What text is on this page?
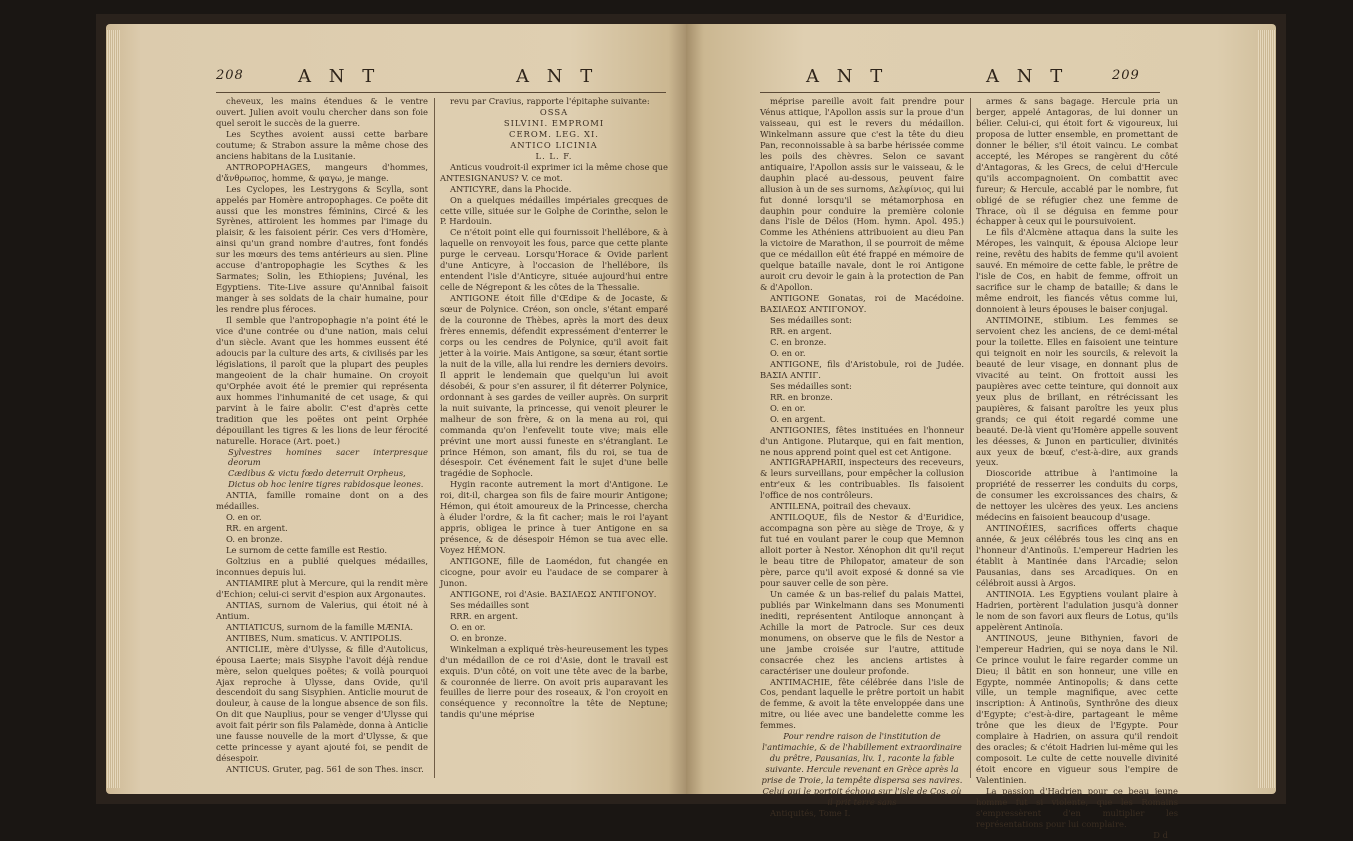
208	A N T	A N T

cheveux, les mains étendues & le ventre ouvert. Julien avoit voulu chercher dans son foie quel seroit le succès de la guerre.

Les Scythes avoient aussi cette barbare coutume; & Strabon assure la même chose des anciens habitans de la Lusitanie.

ANTROPOPHAGES, mangeurs d'hommes, d'ἄνθρωπος, homme, & φαγω, je mange.

Les Cyclopes, les Lestrygons & Scylla, sont appelés par Homère antropophages. Ce poëte dit aussi que les monstres féminins, Circé & les Syrènes, attiroient les hommes par l'image du plaisir, & les faisoient périr. Ces vers d'Homère, ainsi qu'un grand nombre d'autres, font fondés sur les mœurs des tems antérieurs au sien. Pline accuse d'antropophagie les Scythes & les Sarmates; Solin, les Ethiopiens; Juvénal, les Egyptiens. Tite-Live assure qu'Annibal faisoit manger à ses soldats de la chair humaine, pour les rendre plus féroces.

Il semble que l'antropophagie n'a point été le vice d'une contrée ou d'une nation, mais celui d'un siècle. Avant que les hommes eussent été adoucis par la culture des arts, & civilisés par les législations, il paroît que la plupart des peuples mangeoient de la chair humaine. On croyoit qu'Orphée avoit été le premier qui représenta aux hommes l'inhumanité de cet usage, & qui parvint à le faire abolir. C'est d'après cette tradition que les poëtes ont peint Orphée dépouillant les tigres & les lions de leur férocité naturelle. Horace (Art. poet.)

Sylvestres homines sacer interpresque deorum

Cædibus & victu fœdo deterruit Orpheus,

Dictus ob hoc lenire tigres rabidosque leones.

ANTIA, famille romaine dont on a des médailles.

O. en or.

RR. en argent.

O. en bronze.

Le surnom de cette famille est Restio.

Goltzius en a publié quelques médailles, inconnues depuis lui.

ANTIAMIRE plut à Mercure, qui la rendit mère d'Echion; celui-ci servit d'espion aux Argonautes.

ANTIAS, surnom de Valerius, qui étoit né à Antium.

ANTIATICUS, surnom de la famille MÆNIA.

ANTIBES, Num. smaticus. V. ANTIPOLIS.

ANTICLIE, mère d'Ulysse, & fille d'Autolicus, épousa Laerte; mais Sisyphe l'avoit déjà rendue mère, selon quelques poëtes; & voilà pourquoi Ajax reproche à Ulysse, dans Ovide, qu'il descendoit du sang Sisyphien. Anticlie mourut de douleur, à cause de la longue absence de son fils. On dit que Nauplius, pour se venger d'Ulysse qui avoit fait périr son fils Palamède, donna à Anticlie une fausse nouvelle de la mort d'Ulysse, & que cette princesse y ayant ajouté foi, se pendit de désespoir.

ANTICUS. Gruter, pag. 561 de son Thes. inscr.

revu par Cravius, rapporte l'épitaphe suivante:

OSSA

SILVINI. EMPROMI

CEROM. LEG. XI.

ANTICO LICINIA

L. L. F.

Anticus voudroit-il exprimer ici la même chose que ANTESIGNANUS? V. ce mot.

ANTICYRE, dans la Phocide.

On a quelques médailles impériales grecques de cette ville, située sur le Golphe de Corinthe, selon le P. Hardouin.

Ce n'étoit point elle qui fournissoit l'hellébore, & à laquelle on renvoyoit les fous, parce que cette plante purge le cerveau. Lorsqu'Horace & Ovide parlent d'une Anticyre, à l'occasion de l'hellébore, ils entendent l'isle d'Anticyre, située aujourd'hui entre celle de Négrepont & les côtes de la Thessalie.

ANTIGONE étoit fille d'Œdipe & de Jocaste, & sœur de Polynice. Créon, son oncle, s'étant emparé de la couronne de Thèbes, après la mort des deux frères ennemis, défendit expressément d'enterrer le corps ou les cendres de Polynice, qu'il avoit fait jetter à la voirie. Mais Antigone, sa sœur, étant sortie la nuit de la ville, alla lui rendre les derniers devoirs. Il apprit le lendemain que quelqu'un lui avoit désobéi, & pour s'en assurer, il fit déterrer Polynice, ordonnant à ses gardes de veiller auprès. On surprit la nuit suivante, la princesse, qui venoit pleurer le malheur de son frère, & on la mena au roi, qui commanda qu'on l'enfevelit toute vive; mais elle prévint une mort aussi funeste en s'étranglant. Le prince Hémon, son amant, fils du roi, se tua de désespoir. Cet événement fait le sujet d'une belle tragédie de Sophocle.

Hygin raconte autrement la mort d'Antigone. Le roi, dit-il, chargea son fils de faire mourir Antigone; Hémon, qui étoit amoureux de la Princesse, chercha à éluder l'ordre, & la fit cacher; mais le roi l'ayant appris, obligea le prince à tuer Antigone en sa présence, & de désespoir Hémon se tua avec elle. Voyez HÉMON.

ANTIGONE, fille de Laomédon, fut changée en cicogne, pour avoir eu l'audace de se comparer à Junon.

ANTIGONE, roi d'Asie. ΒΑΣΙΛΕΩΣ ΑΝΤΙΓΟΝΟΥ.

Ses médailles sont

RRR. en argent.

O. en or.

O. en bronze.

Winkelman a expliqué très-heureusement les types d'un médaillon de ce roi d'Asie, dont le travail est exquis. D'un côté, on voit une tête avec de la barbe, & couronnée de lierre. On avoit pris auparavant les feuilles de lierre pour des roseaux, & l'on croyoit en conséquence y reconnoître la tête de Neptune; tandis qu'une méprise

A N T	A N T	209

méprise pareille avoit fait prendre pour Vénus attique, l'Apollon assis sur la proue d'un vaisseau, qui est le revers du médaillon. Winkelmann assure que c'est la tête du dieu Pan, reconnoissable à sa barbe hérissée comme les poils des chèvres. Selon ce savant antiquaire, l'Apollon assis sur le vaisseau, & le dauphin placé au-dessous, peuvent faire allusion à un de ses surnoms, Δελφίνιος, qui lui fut donné lorsqu'il se métamorphosa en dauphin pour conduire la première colonie dans l'isle de Délos (Hom. hymn. Apol. 495.) Comme les Athéniens attribuoient au dieu Pan la victoire de Marathon, il se pourroit de même que ce médaillon eût été frappé en mémoire de quelque bataille navale, dont le roi Antigone auroit cru devoir le gain à la protection de Pan & d'Apollon.

ANTIGONE Gonatas, roi de Macédoine. ΒΑΣΙΛΕΩΣ ΑΝΤΙΓΟΝΟΥ.

Ses médailles sont:

RR. en argent.

C. en bronze.

O. en or.

ANTIGONE, fils d'Aristobule, roi de Judée. ΒΑΣΙΛ ΑΝΤΙΓ.

Ses médailles sont:

RR. en bronze.

O. en or.

O. en argent.

ANTIGONIES, fêtes instituées en l'honneur d'un Antigone. Plutarque, qui en fait mention, ne nous apprend point quel est cet Antigone.

ANTIGRAPHARII, inspecteurs des receveurs, & leurs surveillans, pour empêcher la collusion entr'eux & les contribuables. Ils faisoient l'office de nos contrôleurs.

ANTILENA, poitrail des chevaux.

ANTILOQUE, fils de Nestor & d'Euridice, accompagna son père au siège de Troye, & y fut tué en voulant parer le coup que Memnon alloit porter à Nestor. Xénophon dit qu'il reçut le beau titre de Philopator, amateur de son père, parce qu'il avoit exposé & donné sa vie pour sauver celle de son père.

Un camée & un bas-relief du palais Mattei, publiés par Winkelmann dans ses Monumenti inediti, représentent Antiloque annonçant à Achille la mort de Patrocle. Sur ces deux monumens, on observe que le fils de Nestor a une jambe croisée sur l'autre, attitude consacrée chez les anciens artistes à caractériser une douleur profonde.

ANTIMACHIE, fête célébrée dans l'isle de Cos, pendant laquelle le prêtre portoit un habit de femme, & avoit la tête enveloppée dans une mitre, ou liée avec une bandelette comme les femmes.

Pour rendre raison de l'institution de l'antimachie, & de l'habillement extraordinaire du prêtre, Pausanias, liv. 1, raconte la fable suivante. Hercule revenant en Grèce après la prise de Troie, la tempête dispersa ses navires. Celui qui le portoit échoua sur l'isle de Cos, où il prit terre sans

Antiquités, Tome I.

armes & sans bagage. Hercule pria un berger, appelé Antagoras, de lui donner un bélier. Celui-ci, qui étoit fort & vigoureux, lui proposa de lutter ensemble, en promettant de donner le bélier, s'il étoit vaincu. Le combat accepté, les Méropes se rangèrent du côté d'Antagoras, & les Grecs, de celui d'Hercule qu'ils accompagnoient. On combattit avec fureur; & Hercule, accablé par le nombre, fut obligé de se réfugier chez une femme de Thrace, où il se déguisa en femme pour échapper à ceux qui le poursuivoient.

Le fils d'Alcmène attaqua dans la suite les Méropes, les vainquit, & épousa Alciope leur reine, revêtu des habits de femme qu'il avoient sauvé. En mémoire de cette fable, le prêtre de l'isle de Cos, en habit de femme, offroit un sacrifice sur le champ de bataille; & dans le même endroit, les fiancés vêtus comme lui, donnoient à leurs épouses le baiser conjugal.

ANTIMOINE, stibium. Les femmes se servoient chez les anciens, de ce demi-métal pour la toilette. Elles en faisoient une teinture qui teignoit en noir les sourcils, & relevoit la beauté de leur visage, en donnant plus de vivacité au teint. On frottoit aussi les paupières avec cette teinture, qui donnoit aux yeux plus de brillant, en rétrécissant les paupières, & faisant paroître les yeux plus grands; ce qui étoit regardé comme une beauté. De-là vient qu'Homère appelle souvent les déesses, & Junon en particulier, divinités aux yeux de bœuf, c'est-à-dire, aux grands yeux.

Dioscoride attribue à l'antimoine la propriété de resserrer les conduits du corps, de consumer les excroissances des chairs, & de nettoyer les ulcères des yeux. Les anciens médecins en faisoient beaucoup d'usage.

ANTINOÉIES, sacrifices offerts chaque année, & jeux célébrés tous les cinq ans en l'honneur d'Antinoüs. L'empereur Hadrien les établit à Mantinée dans l'Arcadie; selon Pausanias, dans ses Arcadiques. On en célébroit aussi à Argos.

ANTINOIA. Les Egyptiens voulant plaire à Hadrien, portèrent l'adulation jusqu'à donner le nom de son favori aux fleurs de Lotus, qu'ils appelèrent Antinoïa.

ANTINOUS, jeune Bithynien, favori de l'empereur Hadrien, qui se noya dans le Nil. Ce prince voulut le faire regarder comme un Dieu; il bâtit en son honneur, une ville en Egypte, nommée Antinopolis; & dans cette ville, un temple magnifique, avec cette inscription: À Antinoüs, Synthrône des dieux d'Egypte; c'est-à-dire, partageant le même trône que les dieux de l'Egypte. Pour complaire à Hadrien, on assura qu'il rendoit des oracles; & c'étoit Hadrien lui-même qui les composoit. Le culte de cette nouvelle divinité étoit encore en vigueur sous l'empire de Valentinien.

La passion d'Hadrien pour ce beau jeune homme fut si violente, que les Romains s'empressèrent d'en multiplier les représentations pour lui complaire.

D d
